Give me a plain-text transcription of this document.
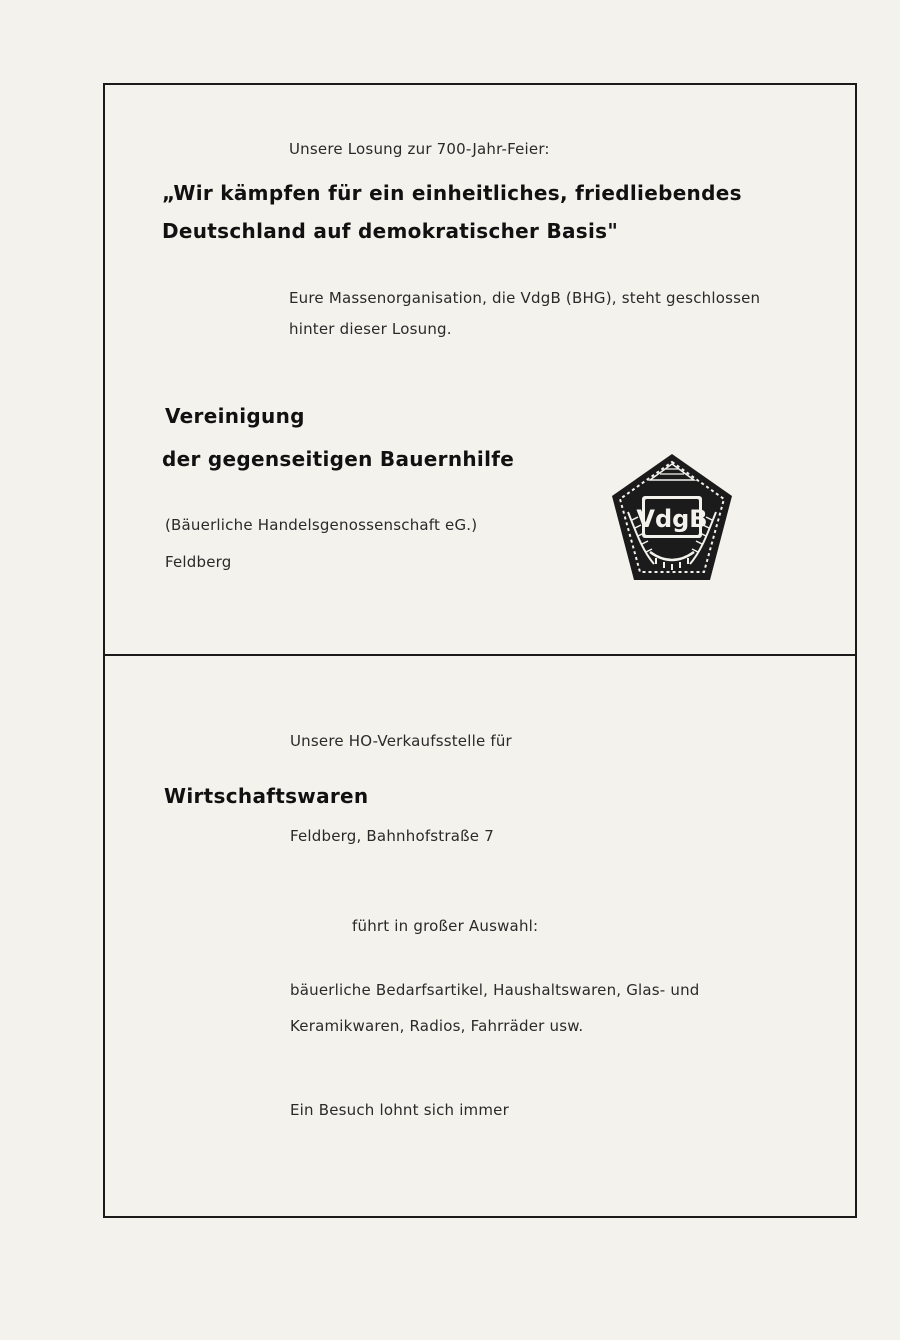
Unsere Losung zur 700-Jahr-Feier:
„Wir kämpfen für ein einheitliches, friedliebendes
Deutschland auf demokratischer Basis"
Eure Massenorganisation, die VdgB (BHG), steht geschlossen
hinter dieser Losung.
Vereinigung
der gegenseitigen Bauernhilfe
(Bäuerliche Handelsgenossenschaft eG.)
Feldberg
VdgB
Unsere HO-Verkaufsstelle für
Wirtschaftswaren
Feldberg, Bahnhofstraße 7
führt in großer Auswahl:
bäuerliche Bedarfsartikel, Haushaltswaren, Glas- und
Keramikwaren, Radios, Fahrräder usw.
Ein Besuch lohnt sich immer
